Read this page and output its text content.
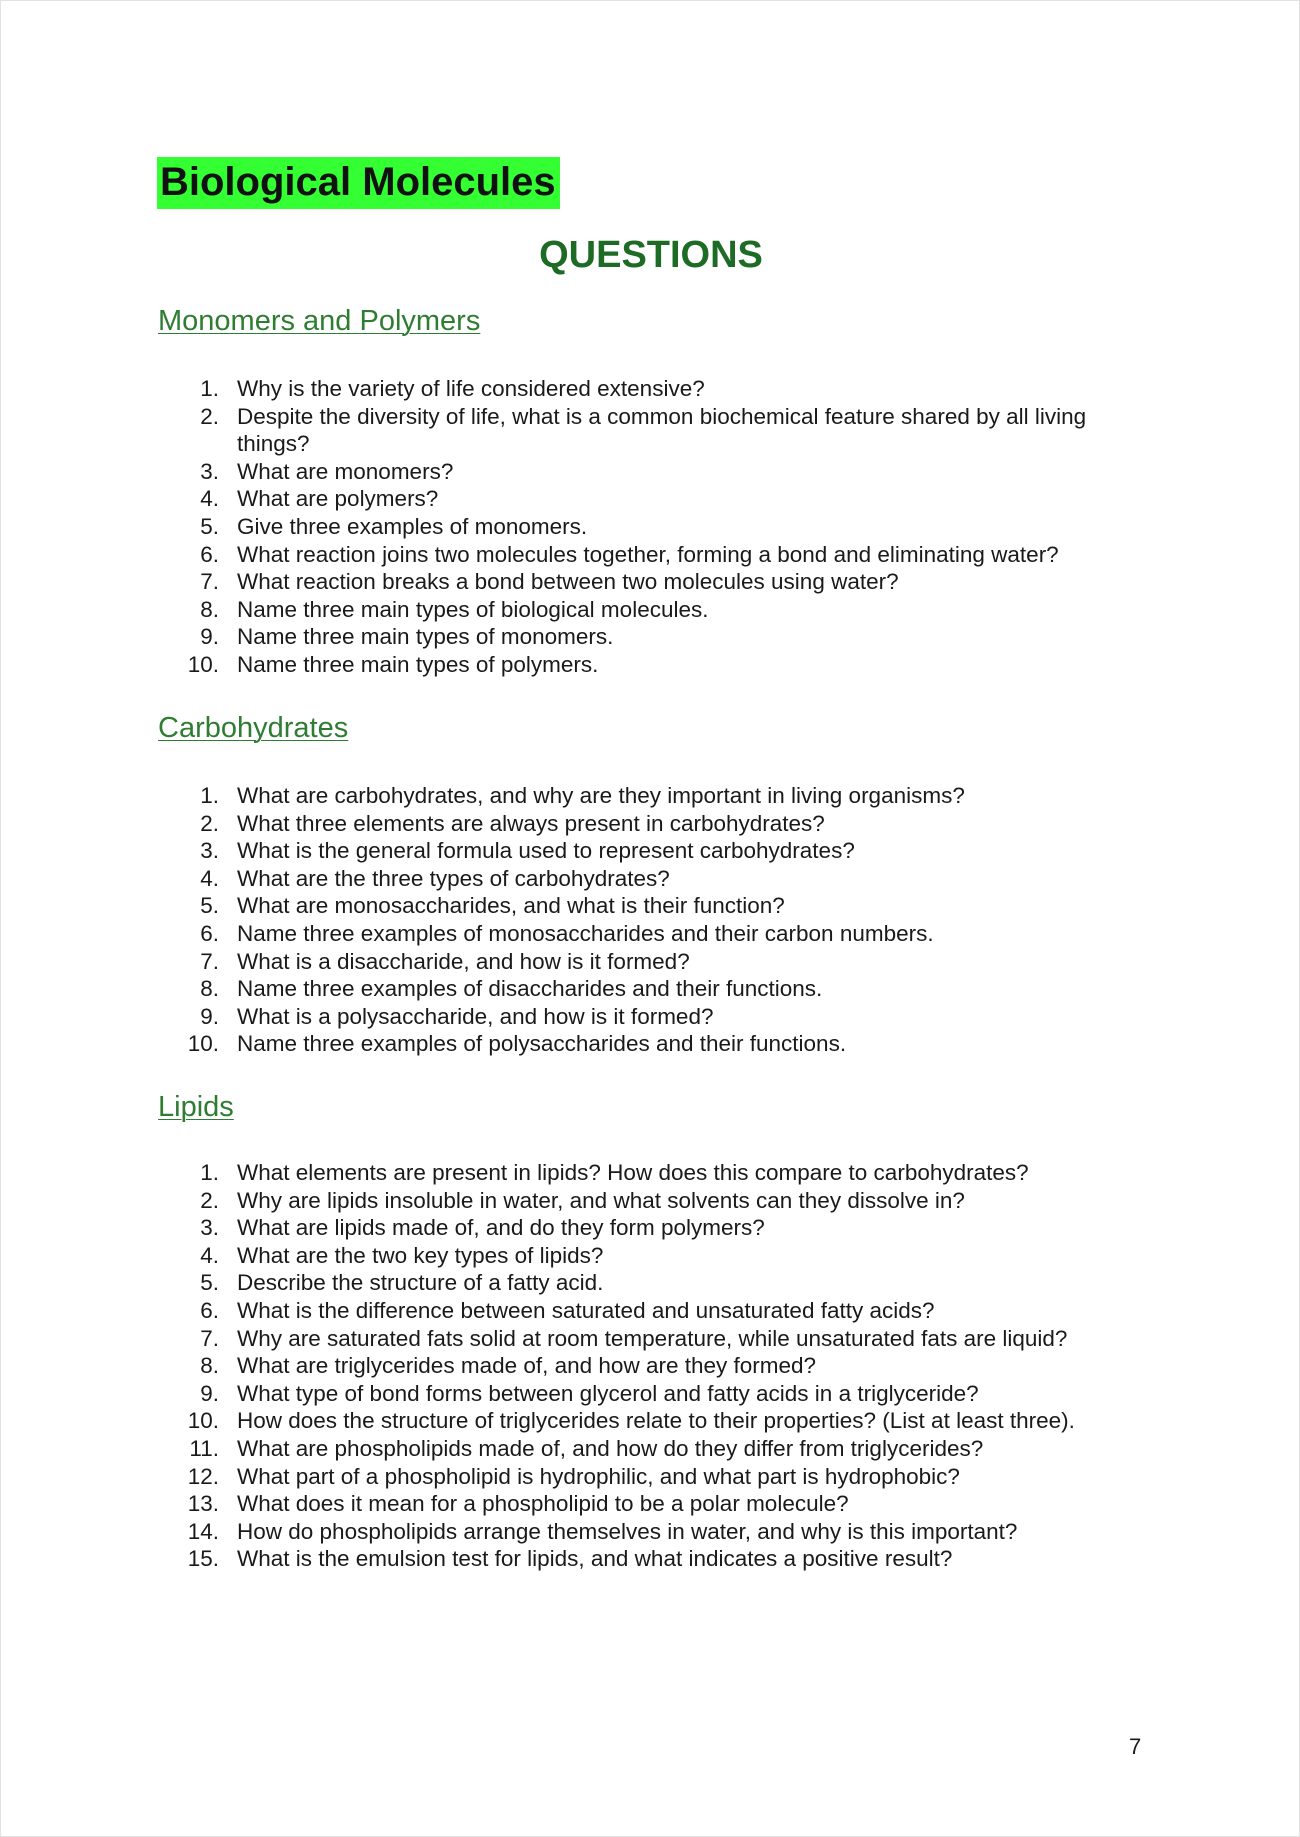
Biological Molecules
QUESTIONS
Monomers and Polymers
1. Why is the variety of life considered extensive?
2. Despite the diversity of life, what is a common biochemical feature shared by all living things?
3. What are monomers?
4. What are polymers?
5. Give three examples of monomers.
6. What reaction joins two molecules together, forming a bond and eliminating water?
7. What reaction breaks a bond between two molecules using water?
8. Name three main types of biological molecules.
9. Name three main types of monomers.
10. Name three main types of polymers.
Carbohydrates
1. What are carbohydrates, and why are they important in living organisms?
2. What three elements are always present in carbohydrates?
3. What is the general formula used to represent carbohydrates?
4. What are the three types of carbohydrates?
5. What are monosaccharides, and what is their function?
6. Name three examples of monosaccharides and their carbon numbers.
7. What is a disaccharide, and how is it formed?
8. Name three examples of disaccharides and their functions.
9. What is a polysaccharide, and how is it formed?
10. Name three examples of polysaccharides and their functions.
Lipids
1. What elements are present in lipids? How does this compare to carbohydrates?
2. Why are lipids insoluble in water, and what solvents can they dissolve in?
3. What are lipids made of, and do they form polymers?
4. What are the two key types of lipids?
5. Describe the structure of a fatty acid.
6. What is the difference between saturated and unsaturated fatty acids?
7. Why are saturated fats solid at room temperature, while unsaturated fats are liquid?
8. What are triglycerides made of, and how are they formed?
9. What type of bond forms between glycerol and fatty acids in a triglyceride?
10. How does the structure of triglycerides relate to their properties? (List at least three).
11. What are phospholipids made of, and how do they differ from triglycerides?
12. What part of a phospholipid is hydrophilic, and what part is hydrophobic?
13. What does it mean for a phospholipid to be a polar molecule?
14. How do phospholipids arrange themselves in water, and why is this important?
15. What is the emulsion test for lipids, and what indicates a positive result?
7
